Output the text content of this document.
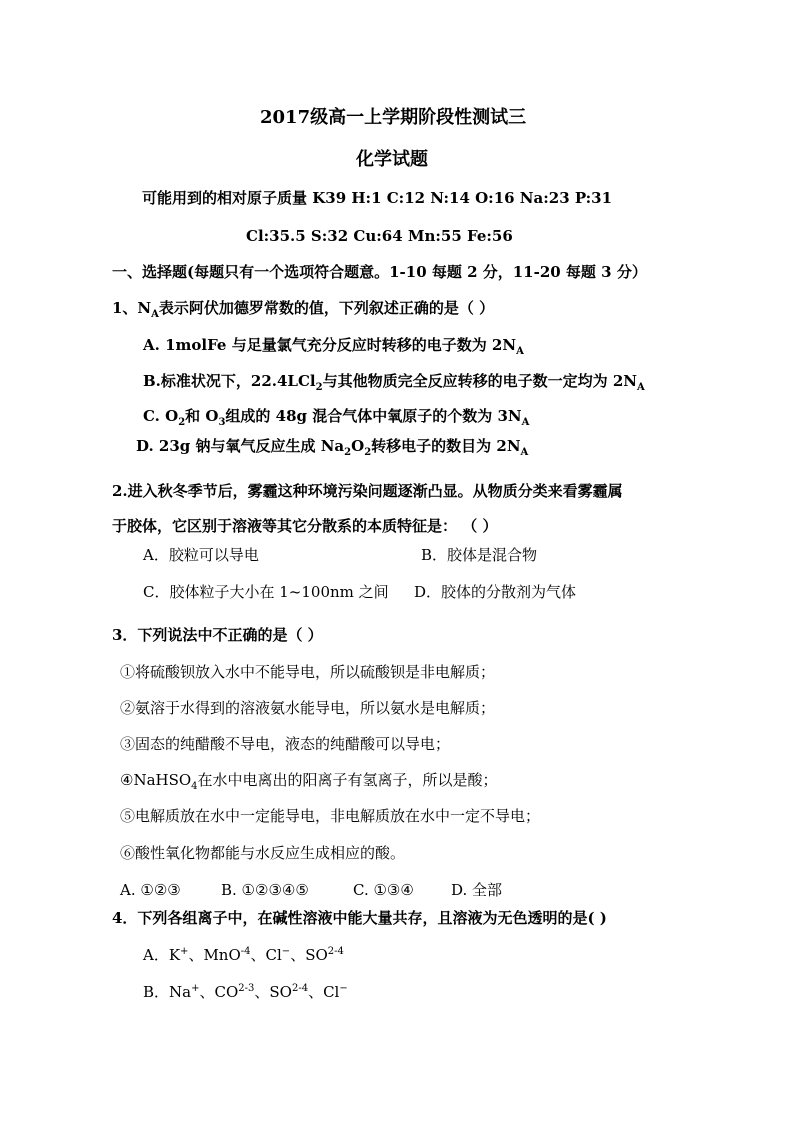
2017级高一上学期阶段性测试三
化学试题
可能用到的相对原子质量 K39 H:1 C:12 N:14 O:16 Na:23 P:31
Cl:35.5 S:32 Cu:64 Mn:55 Fe:56
一、选择题(每题只有一个选项符合题意。1-10 每题 2 分，11-20 每题 3 分）
1、$N_A$表示阿伏加德罗常数的值，下列叙述正确的是（ ）
A. 1molFe 与足量氯气充分反应时转移的电子数为 $2N_A$
B.标准状况下，22.4LCl$_2$与其他物质完全反应转移的电子数一定均为 $2N_A$
C. $O_2$和 $O_3$组成的 48g 混合气体中氧原子的个数为 $3N_A$
D. 23g 钠与氧气反应生成 $Na_2O_2$转移电子的数目为 $2N_A$
2.进入秋冬季节后，雾霾这种环境污染问题逐渐凸显。从物质分类来看雾霾属
于胶体，它区别于溶液等其它分散系的本质特征是： （ ）
A．胶粒可以导电	B．胶体是混合物
C．胶体粒子大小在 1~100nm 之间 D．胶体的分散剂为气体
3．下列说法中不正确的是（ ）
①将硫酸钡放入水中不能导电，所以硫酸钡是非电解质；
②氨溶于水得到的溶液氨水能导电，所以氨水是电解质；
③固态的纯醋酸不导电，液态的纯醋酸可以导电；
④NaHSO$_4$在水中电离出的阳离子有氢离子，所以是酸；
⑤电解质放在水中一定能导电，非电解质放在水中一定不导电；
⑥酸性氧化物都能与水反应生成相应的酸。
A. ①②③	B. ①②③④⑤	C. ①③④ D. 全部
4．下列各组离子中，在碱性溶液中能大量共存，且溶液为无色透明的是( )
A．K+、MnO$^{-4}$、Cl−、SO$^{2-4}$
B．Na+、CO$^{2-3}$、SO$^{2-4}$、Cl−
